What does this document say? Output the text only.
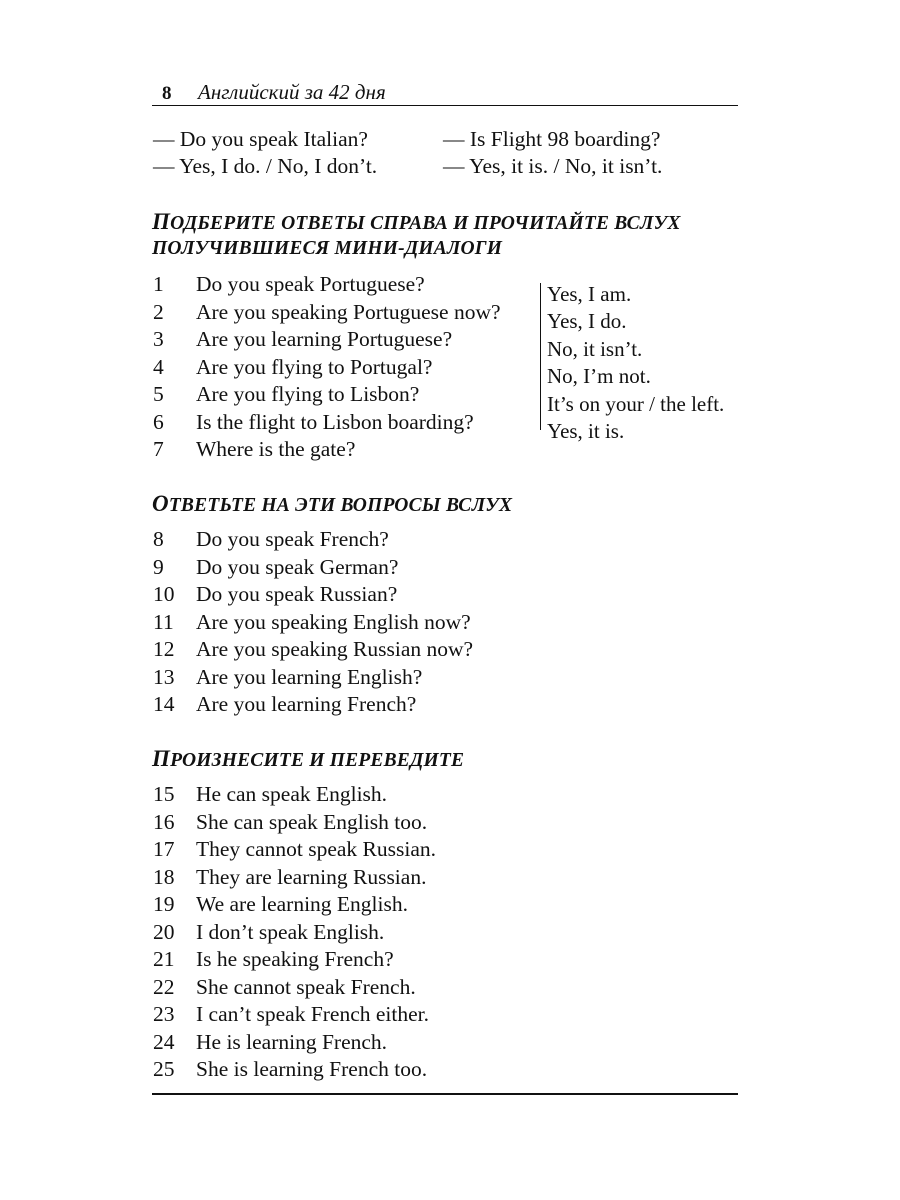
8 Английский за 42 дня
— Do you speak Italian?
— Yes, I do. / No, I don’t.
— Is Flight 98 boarding?
— Yes, it is. / No, it isn’t.
ПОДБЕРИТЕ ОТВЕТЫ СПРАВА И ПРОЧИТАЙТЕ ВСЛУХ
ПОЛУЧИВШИЕСЯ МИНИ-ДИАЛОГИ
1 Do you speak Portuguese?
2 Are you speaking Portuguese now?
3 Are you learning Portuguese?
4 Are you flying to Portugal?
5 Are you flying to Lisbon?
6 Is the flight to Lisbon boarding?
7 Where is the gate?
Yes, I am.
Yes, I do.
No, it isn’t.
No, I’m not.
It’s on your / the left.
Yes, it is.
ОТВЕТЬТЕ НА ЭТИ ВОПРОСЫ ВСЛУХ
8 Do you speak French?
9 Do you speak German?
10 Do you speak Russian?
11 Are you speaking English now?
12 Are you speaking Russian now?
13 Are you learning English?
14 Are you learning French?
ПРОИЗНЕСИТЕ И ПЕРЕВЕДИТЕ
15 He can speak English.
16 She can speak English too.
17 They cannot speak Russian.
18 They are learning Russian.
19 We are learning English.
20 I don’t speak English.
21 Is he speaking French?
22 She cannot speak French.
23 I can’t speak French either.
24 He is learning French.
25 She is learning French too.
